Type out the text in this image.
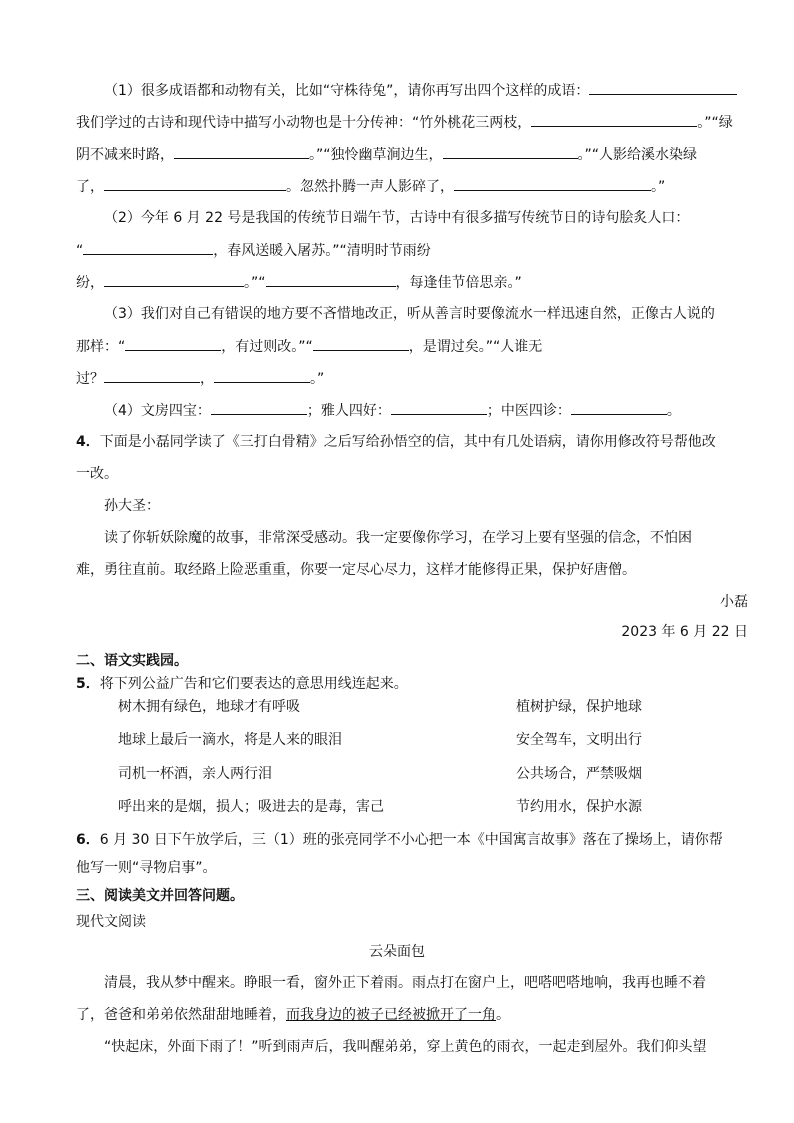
（1）很多成语都和动物有关，比如“守株待兔”，请你再写出四个这样的成语：
我们学过的古诗和现代诗中描写小动物也是十分传神：“竹外桃花三两枝，	。”“绿
阴不减来时路，	。”“独怜幽草涧边生，	。”“人影给溪水染绿
了，	。忽然扑腾一声人影碎了，	。”
（2）今年 6 月 22 号是我国的传统节日端午节，古诗中有很多描写传统节日的诗句脍炙人口：
“	，春风送暖入屠苏。”“清明时节雨纷
纷，	。”“	，每逢佳节倍思亲。”
（3）我们对自己有错误的地方要不吝惜地改正，听从善言时要像流水一样迅速自然，正像古人说的
那样：“	，有过则改。”“	，是谓过矣。”“人谁无
过？	，	。”
（4）文房四宝：	；雅人四好：	；中医四诊：	。
4．下面是小磊同学读了《三打白骨精》之后写给孙悟空的信，其中有几处语病，请你用修改符号帮他改
一改。
孙大圣：
读了你斩妖除魔的故事，非常深受感动。我一定要像你学习，在学习上要有坚强的信念，不怕困
难，勇往直前。取经路上险恶重重，你要一定尽心尽力，这样才能修得正果，保护好唐僧。
小磊
2023 年 6 月 22 日
二、语文实践园。
5．将下列公益广告和它们要表达的意思用线连起来。
树木拥有绿色，地球才有呼吸	植树护绿，保护地球
地球上最后一滴水，将是人来的眼泪	安全驾车，文明出行
司机一杯酒，亲人两行泪	公共场合，严禁吸烟
呼出来的是烟，损人；吸进去的是毒，害己	节约用水，保护水源
6．6 月 30 日下午放学后，三（1）班的张亮同学不小心把一本《中国寓言故事》落在了操场上，请你帮
他写一则“寻物启事”。
三、阅读美文并回答问题。
现代文阅读
云朵面包
清晨，我从梦中醒来。睁眼一看，窗外正下着雨。雨点打在窗户上，吧嗒吧嗒地响，我再也睡不着
了，爸爸和弟弟依然甜甜地睡着，而我身边的被子已经被掀开了一角。
“快起床，外面下雨了！”听到雨声后，我叫醒弟弟，穿上黄色的雨衣，一起走到屋外。我们仰头望
